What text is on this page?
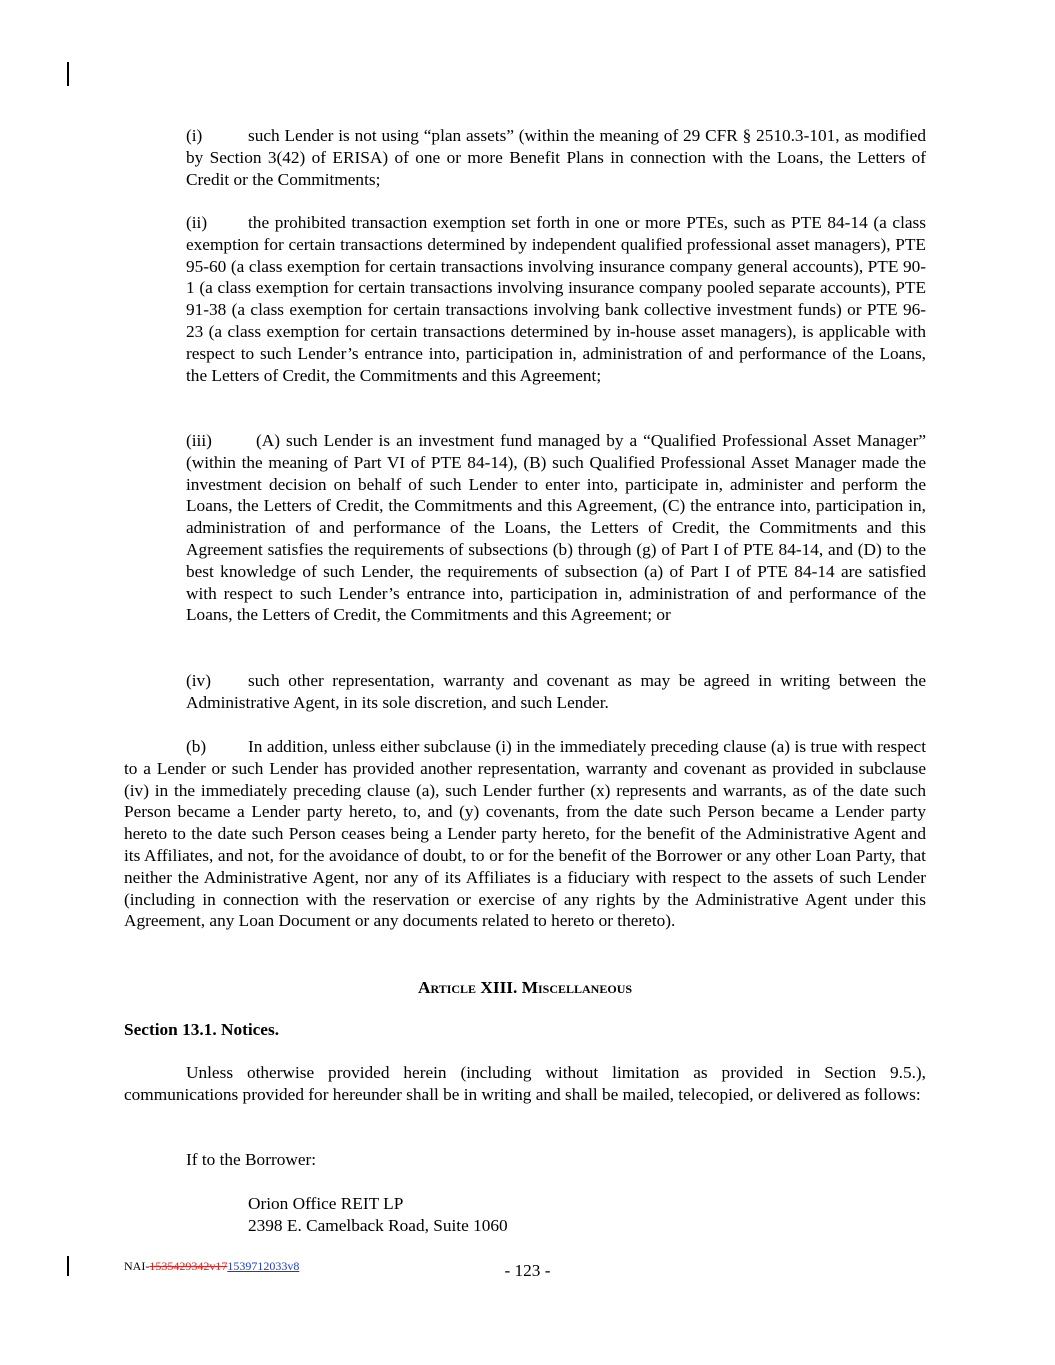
(i)	such Lender is not using “plan assets” (within the meaning of 29 CFR § 2510.3-101, as modified by Section 3(42) of ERISA) of one or more Benefit Plans in connection with the Loans, the Letters of Credit or the Commitments;

(ii) the prohibited transaction exemption set forth in one or more PTEs, such as PTE 84-14 (a class exemption for certain transactions determined by independent qualified professional asset managers), PTE 95-60 (a class exemption for certain transactions involving insurance company general accounts), PTE 90-1 (a class exemption for certain transactions involving insurance company pooled separate accounts), PTE 91-38 (a class exemption for certain transactions involving bank collective investment funds) or PTE 96-23 (a class exemption for certain transactions determined by in-house asset managers), is applicable with respect to such Lender’s entrance into, participation in, administration of and performance of the Loans, the Letters of Credit, the Commitments and this Agreement;

(iii)	(A) such Lender is an investment fund managed by a “Qualified Professional Asset Manager” (within the meaning of Part VI of PTE 84-14), (B) such Qualified Professional Asset Manager made the investment decision on behalf of such Lender to enter into, participate in, administer and perform the Loans, the Letters of Credit, the Commitments and this Agreement, (C) the entrance into, participation in, administration of and performance of the Loans, the Letters of Credit, the Commitments and this Agreement satisfies the requirements of subsections (b) through (g) of Part I of PTE 84-14, and (D) to the best knowledge of such Lender, the requirements of subsection (a) of Part I of PTE 84-14 are satisfied with respect to such Lender’s entrance into, participation in, administration of and performance of the Loans, the Letters of Credit, the Commitments and this Agreement; or

(iv) such other representation, warranty and covenant as may be agreed in writing between the Administrative Agent, in its sole discretion, and such Lender.

(b) In addition, unless either subclause (i) in the immediately preceding clause (a) is true with respect to a Lender or such Lender has provided another representation, warranty and covenant as provided in subclause (iv) in the immediately preceding clause (a), such Lender further (x) represents and warrants, as of the date such Person became a Lender party hereto, to, and (y) covenants, from the date such Person became a Lender party hereto to the date such Person ceases being a Lender party hereto, for the benefit of the Administrative Agent and its Affiliates, and not, for the avoidance of doubt, to or for the benefit of the Borrower or any other Loan Party, that neither the Administrative Agent, nor any of its Affiliates is a fiduciary with respect to the assets of such Lender (including in connection with the reservation or exercise of any rights by the Administrative Agent under this Agreement, any Loan Document or any documents related to hereto or thereto).

Article XIII. Miscellaneous

Section 13.1. Notices.

Unless otherwise provided herein (including without limitation as provided in Section 9.5.), communications provided for hereunder shall be in writing and shall be mailed, telecopied, or delivered as follows:

If to the Borrower:

Orion Office REIT LP

2398 E. Camelback Road, Suite 1060

NAI-1535429342v171539712033v8	- 123 -
